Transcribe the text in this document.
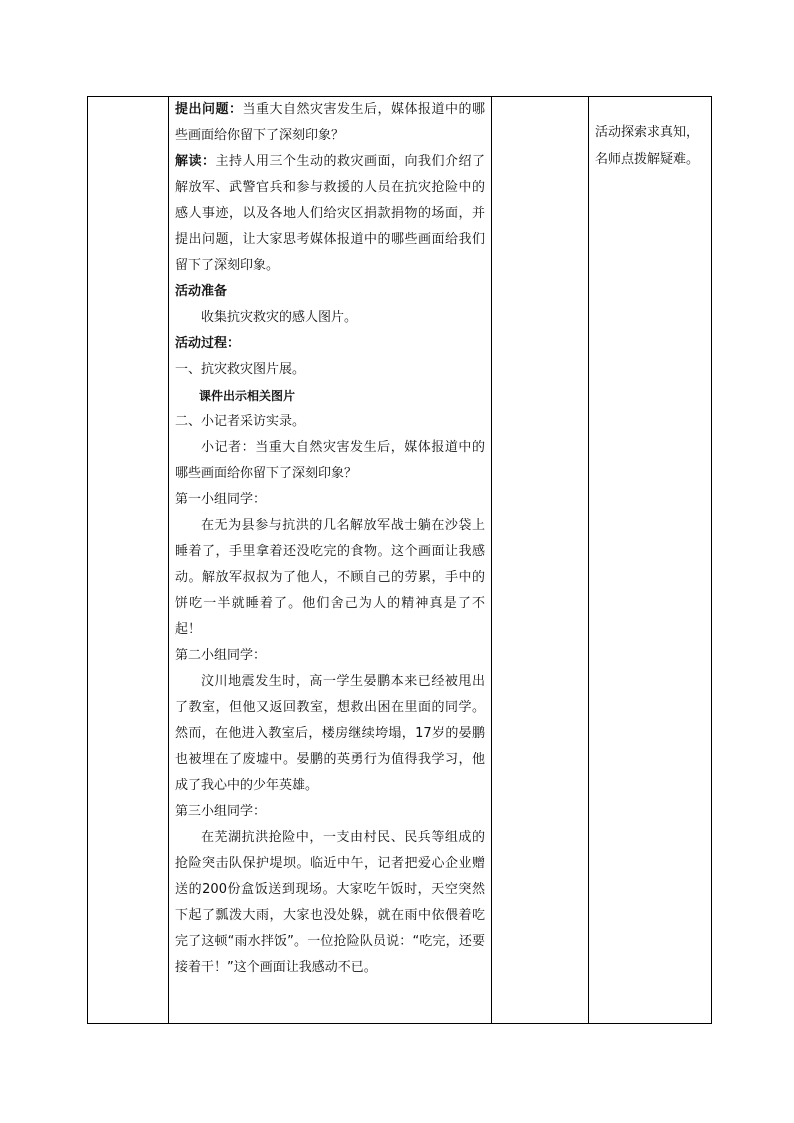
提出问题：当重大自然灾害发生后，媒体报道中的哪些画面给你留下了深刻印象？

解读：主持人用三个生动的救灾画面，向我们介绍了解放军、武警官兵和参与救援的人员在抗灾抢险中的感人事迹，以及各地人们给灾区捐款捐物的场面，并提出问题，让大家思考媒体报道中的哪些画面给我们留下了深刻印象。

活动准备

收集抗灾救灾的感人图片。

活动过程：

一、抗灾救灾图片展。

课件出示相关图片

二、小记者采访实录。

小记者：当重大自然灾害发生后，媒体报道中的哪些画面给你留下了深刻印象？

第一小组同学：

在无为县参与抗洪的几名解放军战士躺在沙袋上睡着了，手里拿着还没吃完的食物。这个画面让我感动。解放军叔叔为了他人，不顾自己的劳累，手中的饼吃一半就睡着了。他们舍己为人的精神真是了不起！

第二小组同学：

汶川地震发生时，高一学生晏鹏本来已经被甩出了教室，但他又返回教室，想救出困在里面的同学。然而，在他进入教室后，楼房继续垮塌，17岁的晏鹏也被埋在了废墟中。晏鹏的英勇行为值得我学习，他成了我心中的少年英雄。

第三小组同学：

在芜湖抗洪抢险中，一支由村民、民兵等组成的抢险突击队保护堤坝。临近中午，记者把爱心企业赠送的200份盒饭送到现场。大家吃午饭时，天空突然下起了瓢泼大雨，大家也没处躲，就在雨中依偎着吃完了这顿“雨水拌饭”。一位抢险队员说：“吃完，还要接着干！”这个画面让我感动不已。

活动探索求真知，名师点拨解疑难。
